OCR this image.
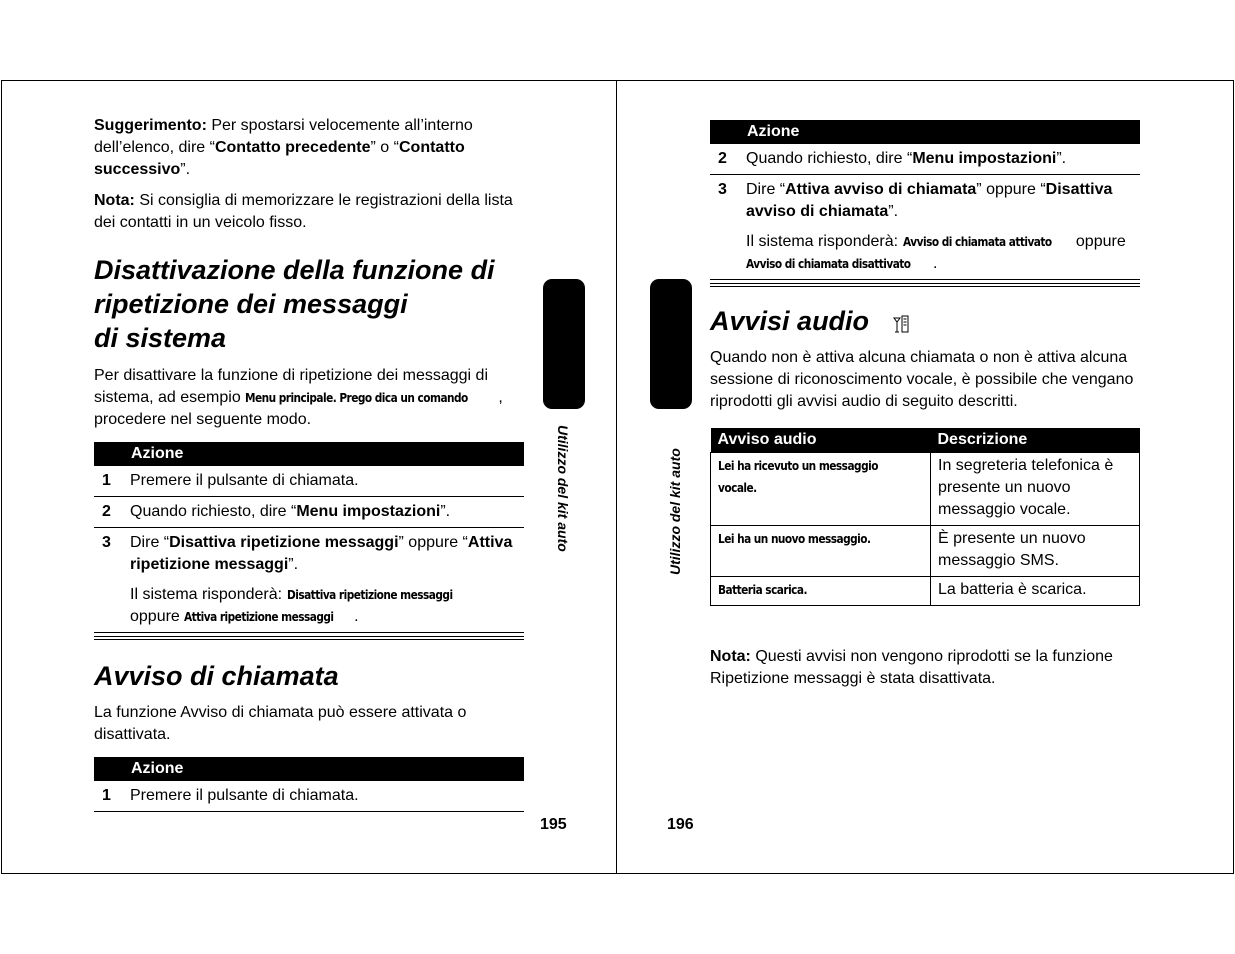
Suggerimento: Per spostarsi velocemente all’interno dell’elenco, dire “Contatto precedente” o “Contatto successivo”.

Nota: Si consiglia di memorizzare le registrazioni della lista dei contatti in un veicolo fisso.

Disattivazione della funzione di
ripetizione dei messaggi
di sistema

Per disattivare la funzione di ripetizione dei messaggi di sistema, ad esempio Menu principale. Prego dica un comando , procedere nel seguente modo.

	Azione
1	Premere il pulsante di chiamata.
2	Quando richiesto, dire “Menu impostazioni”.
3	Dire “Disattiva ripetizione messaggi” oppure “Attiva ripetizione messaggi”.

Il sistema risponderà: Disattiva ripetizione messaggi
oppure Attiva ripetizione messaggi .

Avviso di chiamata

La funzione Avviso di chiamata può essere attivata o disattivata.

	Azione
1	Premere il pulsante di chiamata.
Utilizzo del kit auto
195
	Azione
2	Quando richiesto, dire “Menu impostazioni”.
3	Dire “Attiva avviso di chiamata” oppure “Disattiva avviso di chiamata”.

Il sistema risponderà: Avviso di chiamata attivato oppure
Avviso di chiamata disattivato .

Avvisi audio

Quando non è attiva alcuna chiamata o non è attiva alcuna sessione di riconoscimento vocale, è possibile che vengano riprodotti gli avvisi audio di seguito descritti.

Avviso audio	Descrizione
Lei ha ricevuto un messaggio vocale.	In segreteria telefonica è presente un nuovo messaggio vocale.
Lei ha un nuovo messaggio.	È presente un nuovo messaggio SMS.
Batteria scarica.	La batteria è scarica.

Nota: Questi avvisi non vengono riprodotti se la funzione Ripetizione messaggi è stata disattivata.

Utilizzo del kit auto
196
